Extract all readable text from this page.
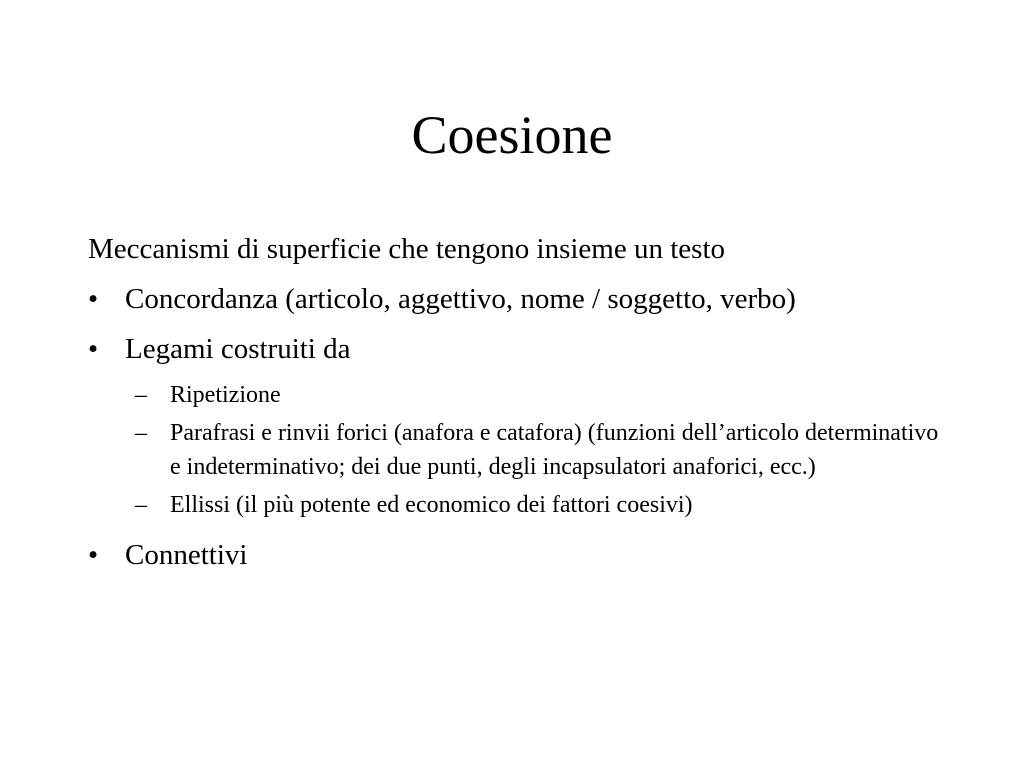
Coesione

Meccanismi di superficie che tengono insieme un testo

• Concordanza (articolo, aggettivo, nome / soggetto, verbo)
• Legami costruiti da
– Ripetizione
– Parafrasi e rinvii forici (anafora e catafora) (funzioni dell’articolo determinativo e indeterminativo; dei due punti, degli incapsulatori anaforici, ecc.)
– Ellissi (il più potente ed economico dei fattori coesivi)
• Connettivi
